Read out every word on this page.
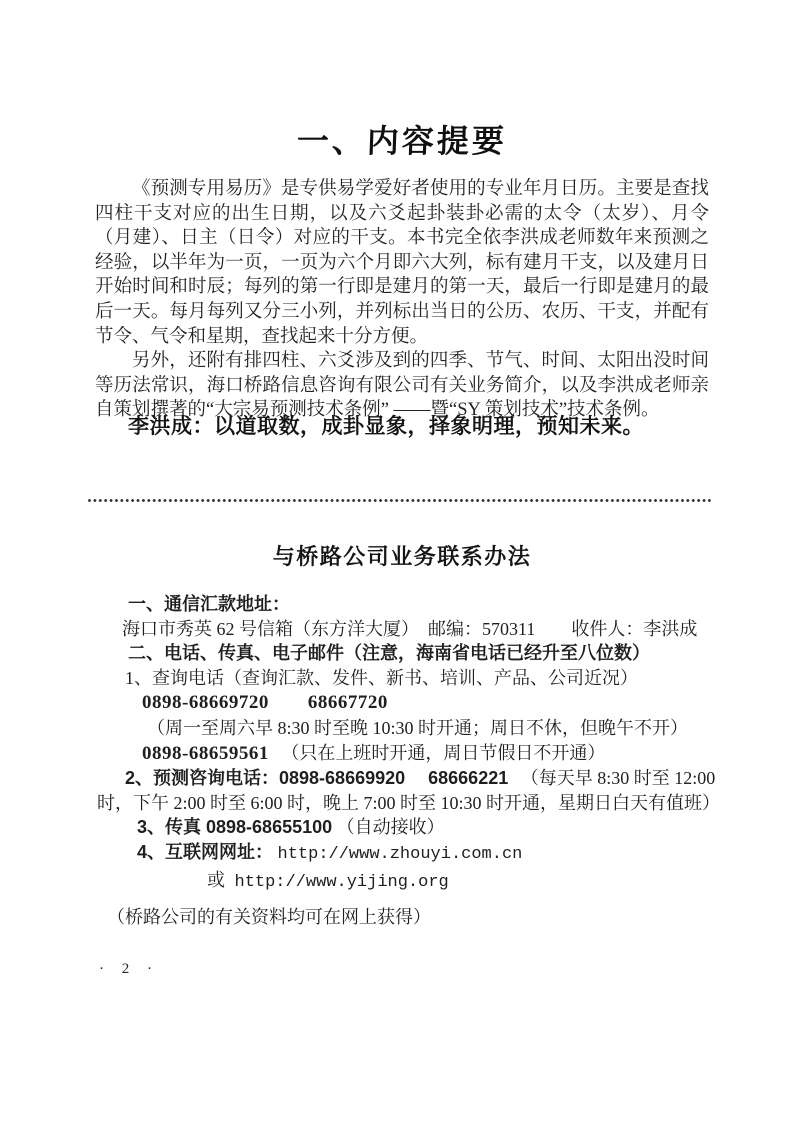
一、内容提要

《预测专用易历》是专供易学爱好者使用的专业年月日历。主要是查找四柱干支对应的出生日期，以及六爻起卦装卦必需的太令（太岁）、月令（月建）、日主（日令）对应的干支。本书完全依李洪成老师数年来预测之经验，以半年为一页，一页为六个月即六大列，标有建月干支，以及建月日开始时间和时辰；每列的第一行即是建月的第一天，最后一行即是建月的最后一天。每月每列又分三小列，并列标出当日的公历、农历、干支，并配有节令、气令和星期，查找起来十分方便。

另外，还附有排四柱、六爻涉及到的四季、节气、时间、太阳出没时间等历法常识，海口桥路信息咨询有限公司有关业务简介，以及李洪成老师亲自策划撰著的“大宗易预测技术条例” ——暨“SY 策划技术”技术条例。

李洪成：以道取数，成卦显象，择象明理，预知未来。
与桥路公司业务联系办法
一、通信汇款地址：
海口市秀英 62 号信箱（东方洋大厦）　邮编：570311　　收件人：李洪成
二、电话、传真、电子邮件（注意，海南省电话已经升至八位数）
1、查询电话（查询汇款、发件、新书、培训、产品、公司近况）
0898-68669720　　68667720
（周一至周六早 8:30 时至晚 10:30 时开通；周日不休，但晚午不开）
0898-68659561 （只在上班时开通，周日节假日不开通）
2、预测咨询电话：0898-68669920　 68666221 （每天早 8:30 时至 12:00
时，下午 2:00 时至 6:00 时，晚上 7:00 时至 10:30 时开通，星期日白天有值班）
3、传真 0898-68655100 （自动接收）
4、互联网网址： http://www.zhouyi.com.cn
或 http://www.yijing.org
（桥路公司的有关资料均可在网上获得）
· 2 ·
